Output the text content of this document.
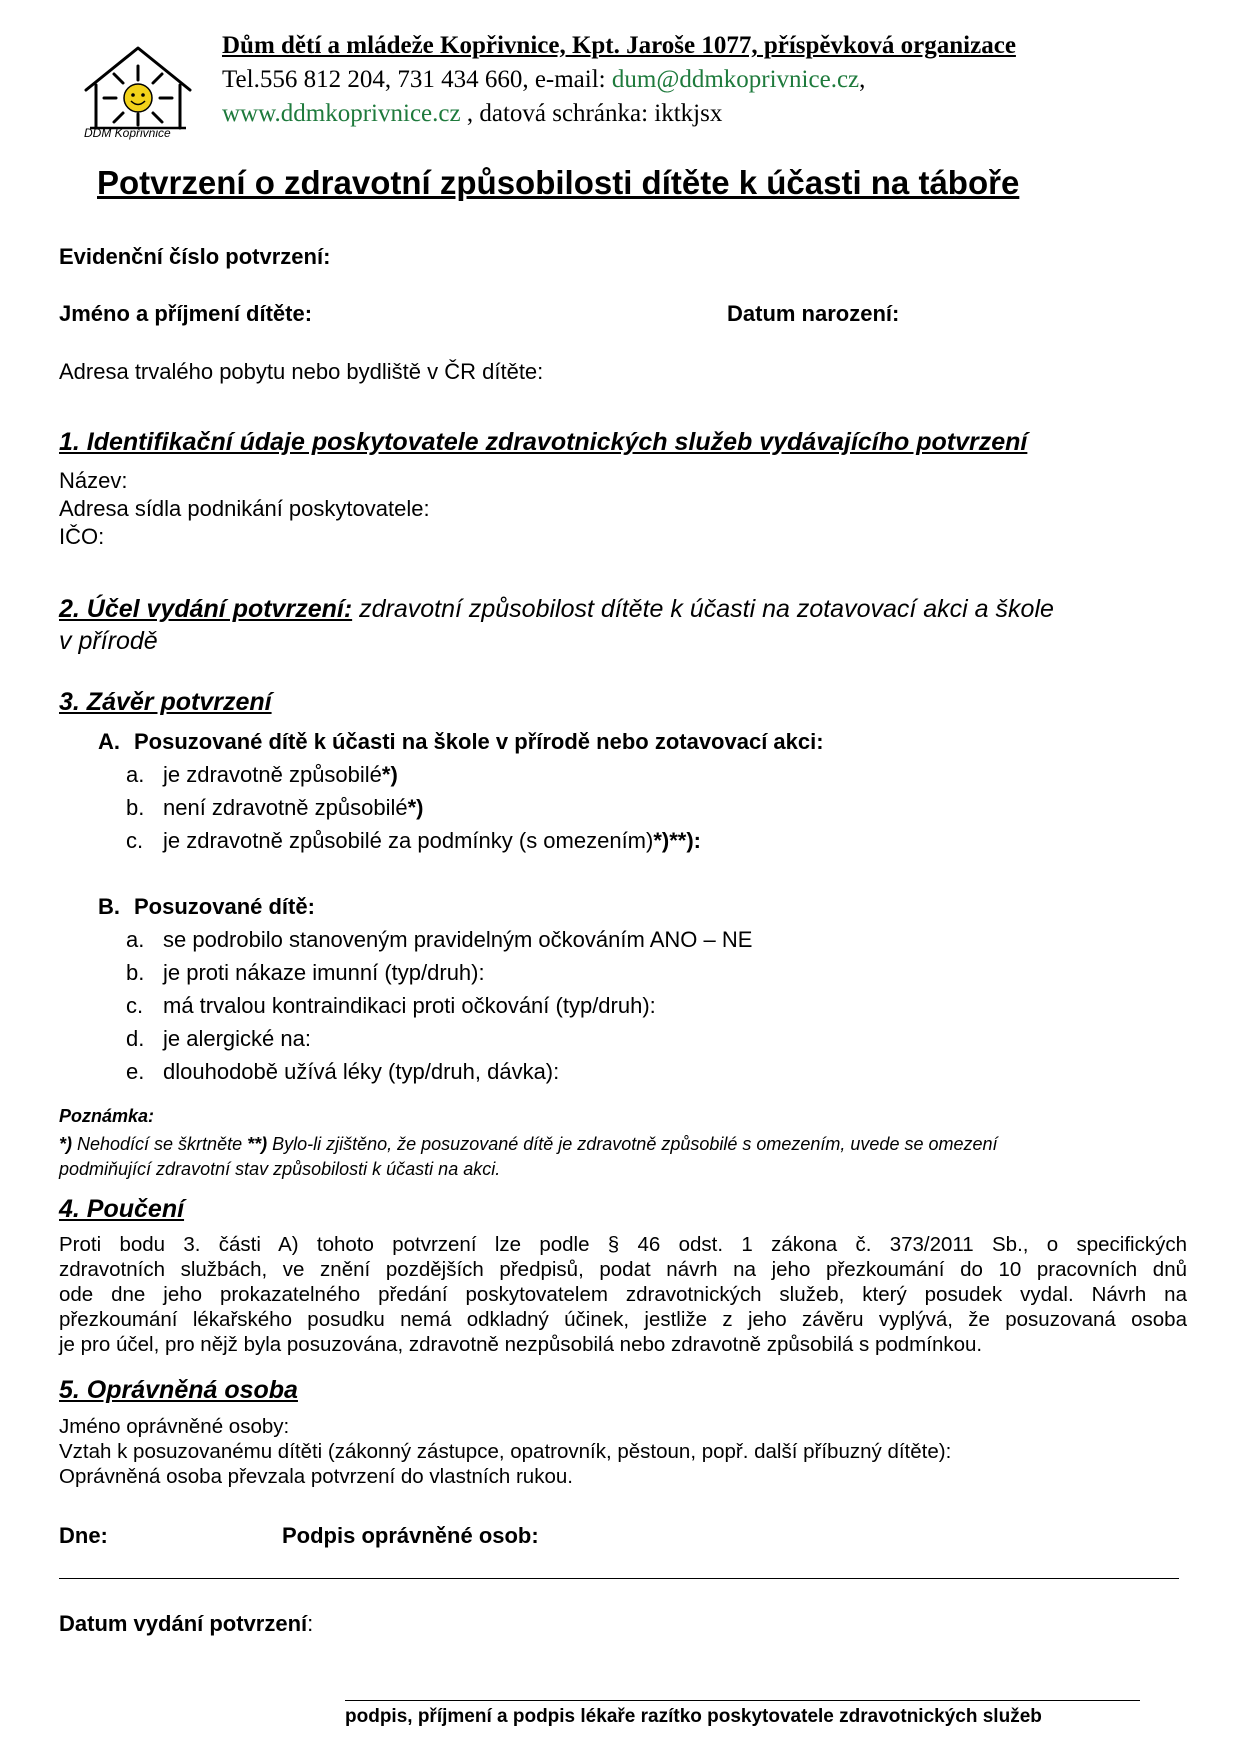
DDM Kopřivnice
Dům dětí a mládeže Kopřivnice, Kpt. Jaroše 1077, příspěvková organizace
Tel.556 812 204, 731 434 660, e-mail: dum@ddmkoprivnice.cz,
www.ddmkoprivnice.cz , datová schránka: iktkjsx
Potvrzení o zdravotní způsobilosti dítěte k účasti na táboře
Evidenční číslo potvrzení:
Jméno a příjmení dítěte:	Datum narození:
Adresa trvalého pobytu nebo bydliště v ČR dítěte:
1. Identifikační údaje poskytovatele zdravotnických služeb vydávajícího potvrzení
Název:
Adresa sídla podnikání poskytovatele:
IČO:
2. Účel vydání potvrzení: zdravotní způsobilost dítěte k účasti na zotavovací akci a škole
v přírodě
3. Závěr potvrzení
A. Posuzované dítě k účasti na škole v přírodě nebo zotavovací akci:
a. je zdravotně způsobilé*)
b. není zdravotně způsobilé*)
c. je zdravotně způsobilé za podmínky (s omezením)*)**):
B. Posuzované dítě:
a. se podrobilo stanoveným pravidelným očkováním ANO – NE
b. je proti nákaze imunní (typ/druh):
c. má trvalou kontraindikaci proti očkování (typ/druh):
d. je alergické na:
e. dlouhodobě užívá léky (typ/druh, dávka):
Poznámka:
*) Nehodící se škrtněte **) Bylo-li zjištěno, že posuzované dítě je zdravotně způsobilé s omezením, uvede se omezení
podmiňující zdravotní stav způsobilosti k účasti na akci.
4. Poučení
Proti bodu 3. části A) tohoto potvrzení lze podle § 46 odst. 1 zákona č. 373/2011 Sb., o specifických
zdravotních službách, ve znění pozdějších předpisů, podat návrh na jeho přezkoumání do 10 pracovních dnů
ode dne jeho prokazatelného předání poskytovatelem zdravotnických služeb, který posudek vydal. Návrh na
přezkoumání lékařského posudku nemá odkladný účinek, jestliže z jeho závěru vyplývá, že posuzovaná osoba
je pro účel, pro nějž byla posuzována, zdravotně nezpůsobilá nebo zdravotně způsobilá s podmínkou.
5. Oprávněná osoba
Jméno oprávněné osoby:
Vztah k posuzovanému dítěti (zákonný zástupce, opatrovník, pěstoun, popř. další příbuzný dítěte):
Oprávněná osoba převzala potvrzení do vlastních rukou.
Dne:	Podpis oprávněné osob:
Datum vydání potvrzení:
podpis, příjmení a podpis lékaře razítko poskytovatele zdravotnických služeb
